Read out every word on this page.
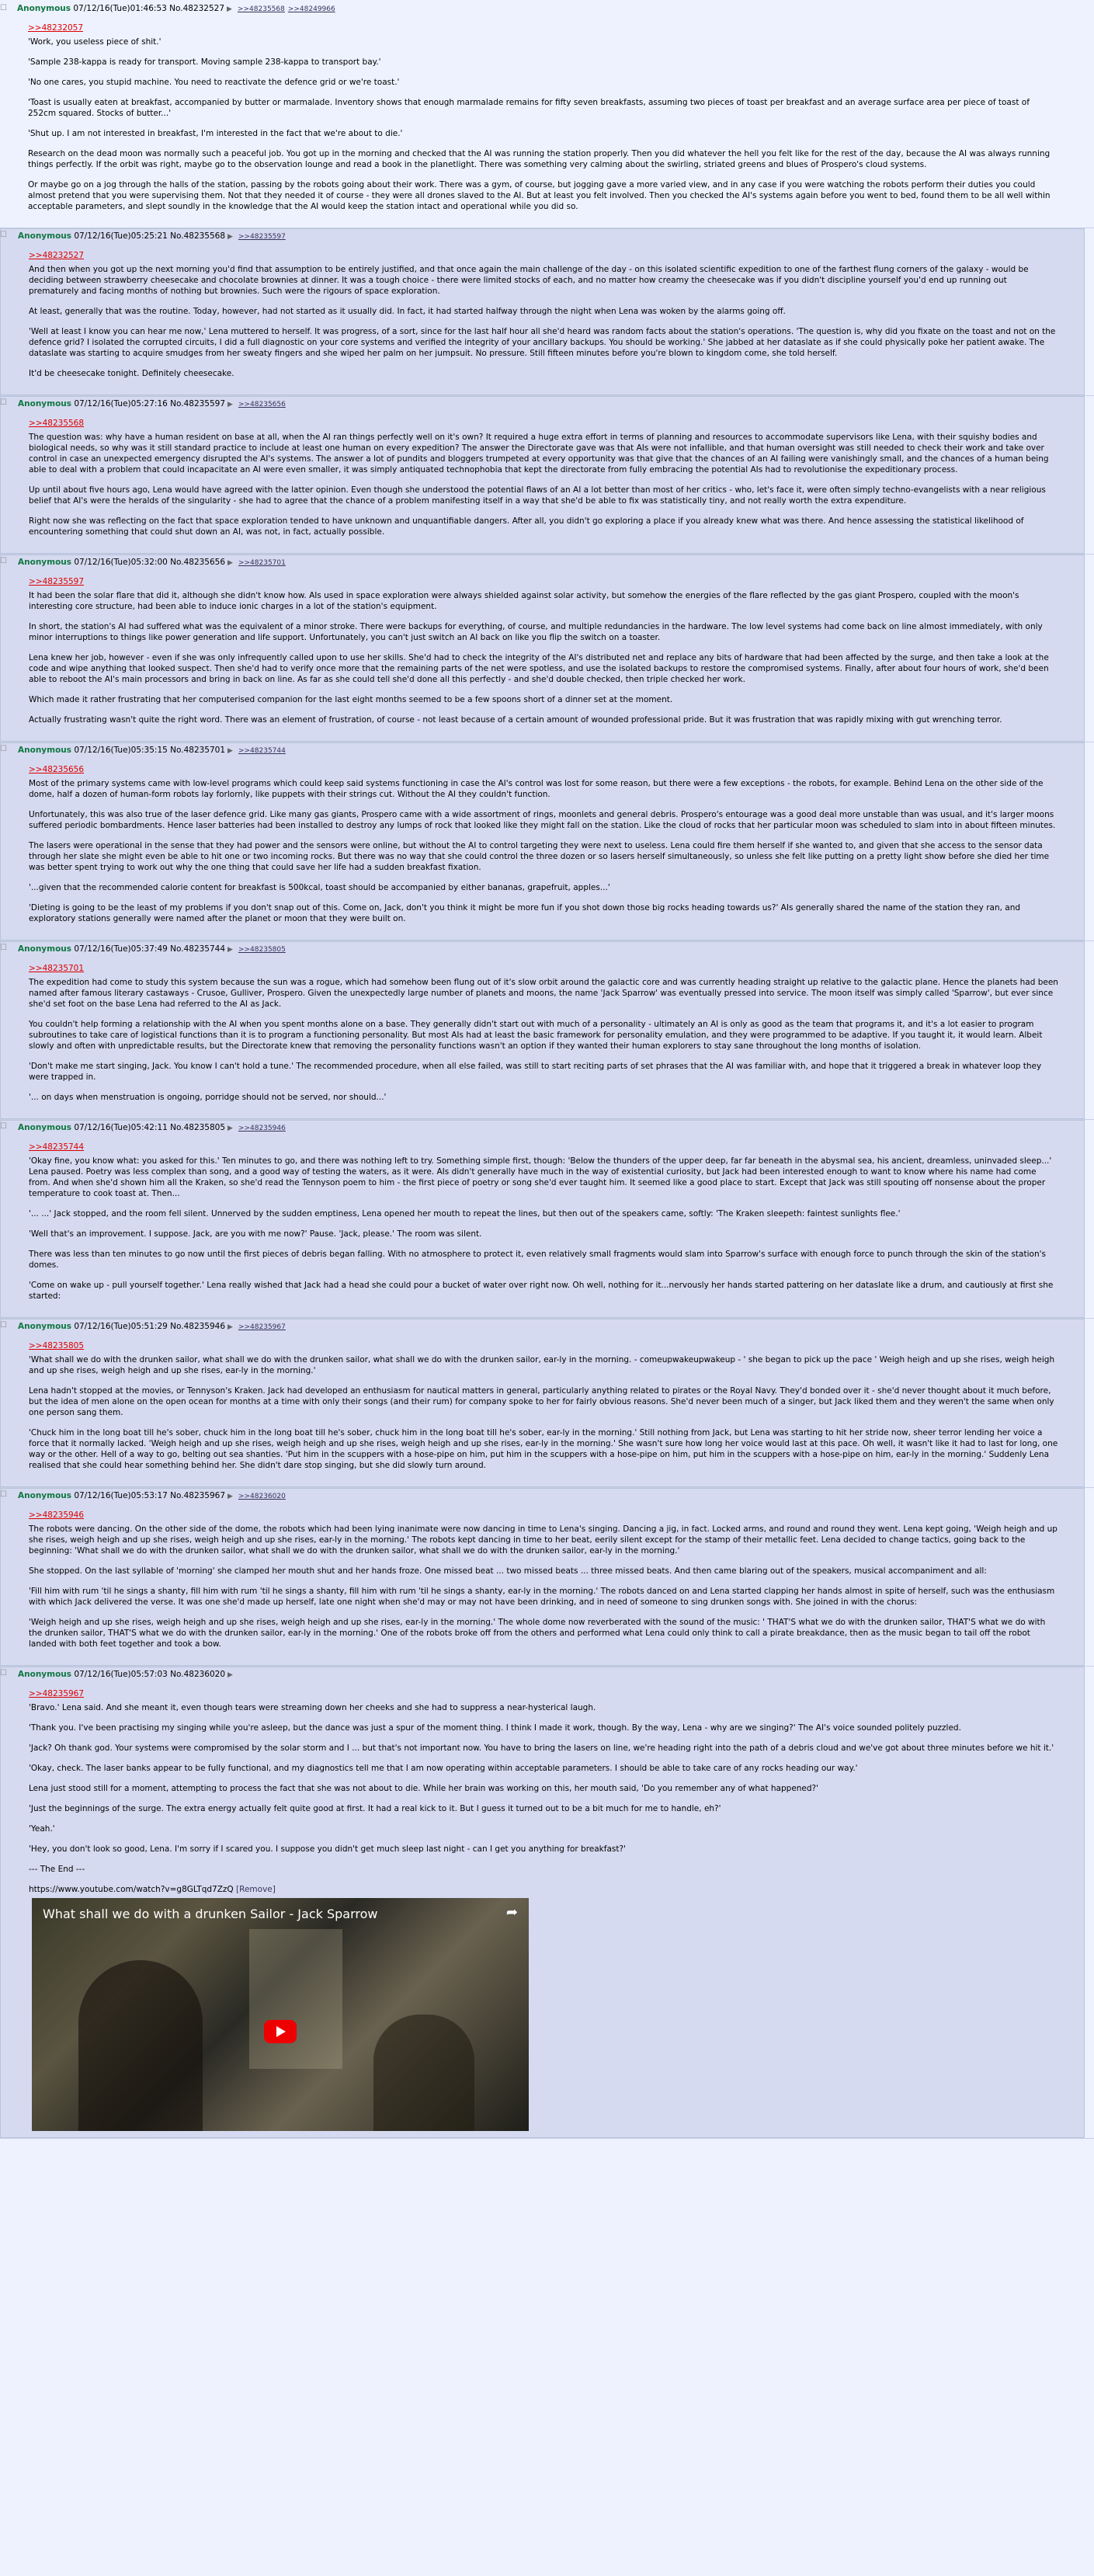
☐	Anonymous 07/12/16(Tue)01:46:53 No.48232527 ▶ >>48235568 >>48249966
>>48232057

'Work, you useless piece of shit.'

'Sample 238-kappa is ready for transport. Moving sample 238-kappa to transport bay.'

'No one cares, you stupid machine. You need to reactivate the defence grid or we're toast.'

'Toast is usually eaten at breakfast, accompanied by butter or marmalade. Inventory shows that enough marmalade remains for fifty seven breakfasts, assuming two pieces of toast per breakfast and an average surface area per piece of toast of 252cm squared. Stocks of butter...'

'Shut up. I am not interested in breakfast, I'm interested in the fact that we're about to die.'

Research on the dead moon was normally such a peaceful job. You got up in the morning and checked that the AI was running the station properly. Then you did whatever the hell you felt like for the rest of the day, because the AI was always running things perfectly. If the orbit was right, maybe go to the observation lounge and read a book in the planetlight. There was something very calming about the swirling, striated greens and blues of Prospero's cloud systems.

Or maybe go on a jog through the halls of the station, passing by the robots going about their work. There was a gym, of course, but jogging gave a more varied view, and in any case if you were watching the robots perform their duties you could almost pretend that you were supervising them. Not that they needed it of course - they were all drones slaved to the AI. But at least you felt involved. Then you checked the AI's systems again before you went to bed, found them to be all well within acceptable parameters, and slept soundly in the knowledge that the AI would keep the station intact and operational while you did so.

☐	Anonymous 07/12/16(Tue)05:25:21 No.48235568 ▶ >>48235597
>>48232527

And then when you got up the next morning you'd find that assumption to be entirely justified, and that once again the main challenge of the day - on this isolated scientific expedition to one of the farthest flung corners of the galaxy - would be deciding between strawberry cheesecake and chocolate brownies at dinner. It was a tough choice - there were limited stocks of each, and no matter how creamy the cheesecake was if you didn't discipline yourself you'd end up running out prematurely and facing months of nothing but brownies. Such were the rigours of space exploration.

At least, generally that was the routine. Today, however, had not started as it usually did. In fact, it had started halfway through the night when Lena was woken by the alarms going off.

'Well at least I know you can hear me now,' Lena muttered to herself. It was progress, of a sort, since for the last half hour all she'd heard was random facts about the station's operations. 'The question is, why did you fixate on the toast and not on the defence grid? I isolated the corrupted circuits, I did a full diagnostic on your core systems and verified the integrity of your ancillary backups. You should be working.' She jabbed at her dataslate as if she could physically poke her patient awake. The dataslate was starting to acquire smudges from her sweaty fingers and she wiped her palm on her jumpsuit. No pressure. Still fifteen minutes before you're blown to kingdom come, she told herself.

It'd be cheesecake tonight. Definitely cheesecake.

☐	Anonymous 07/12/16(Tue)05:27:16 No.48235597 ▶ >>48235656
>>48235568

The question was: why have a human resident on base at all, when the AI ran things perfectly well on it's own? It required a huge extra effort in terms of planning and resources to accommodate supervisors like Lena, with their squishy bodies and biological needs, so why was it still standard practice to include at least one human on every expedition? The answer the Directorate gave was that AIs were not infallible, and that human oversight was still needed to check their work and take over control in case an unexpected emergency disrupted the AI's systems. The answer a lot of pundits and bloggers trumpeted at every opportunity was that give that the chances of an AI failing were vanishingly small, and the chances of a human being able to deal with a problem that could incapacitate an AI were even smaller, it was simply antiquated technophobia that kept the directorate from fully embracing the potential AIs had to revolutionise the expeditionary process.

Up until about five hours ago, Lena would have agreed with the latter opinion. Even though she understood the potential flaws of an AI a lot better than most of her critics - who, let's face it, were often simply techno-evangelists with a near religious belief that AI's were the heralds of the singularity - she had to agree that the chance of a problem manifesting itself in a way that she'd be able to fix was statistically tiny, and not really worth the extra expenditure.

Right now she was reflecting on the fact that space exploration tended to have unknown and unquantifiable dangers. After all, you didn't go exploring a place if you already knew what was there. And hence assessing the statistical likelihood of encountering something that could shut down an AI, was not, in fact, actually possible.

☐	Anonymous 07/12/16(Tue)05:32:00 No.48235656 ▶ >>48235701
>>48235597

It had been the solar flare that did it, although she didn't know how. AIs used in space exploration were always shielded against solar activity, but somehow the energies of the flare reflected by the gas giant Prospero, coupled with the moon's interesting core structure, had been able to induce ionic charges in a lot of the station's equipment.

In short, the station's AI had suffered what was the equivalent of a minor stroke. There were backups for everything, of course, and multiple redundancies in the hardware. The low level systems had come back on line almost immediately, with only minor interruptions to things like power generation and life support. Unfortunately, you can't just switch an AI back on like you flip the switch on a toaster.

Lena knew her job, however - even if she was only infrequently called upon to use her skills. She'd had to check the integrity of the AI's distributed net and replace any bits of hardware that had been affected by the surge, and then take a look at the code and wipe anything that looked suspect. Then she'd had to verify once more that the remaining parts of the net were spotless, and use the isolated backups to restore the compromised systems. Finally, after about four hours of work, she'd been able to reboot the AI's main processors and bring in back on line. As far as she could tell she'd done all this perfectly - and she'd double checked, then triple checked her work.

Which made it rather frustrating that her computerised companion for the last eight months seemed to be a few spoons short of a dinner set at the moment.

Actually frustrating wasn't quite the right word. There was an element of frustration, of course - not least because of a certain amount of wounded professional pride. But it was frustration that was rapidly mixing with gut wrenching terror.

☐	Anonymous 07/12/16(Tue)05:35:15 No.48235701 ▶ >>48235744
>>48235656

Most of the primary systems came with low-level programs which could keep said systems functioning in case the AI's control was lost for some reason, but there were a few exceptions - the robots, for example. Behind Lena on the other side of the dome, half a dozen of human-form robots lay forlornly, like puppets with their strings cut. Without the AI they couldn't function.

Unfortunately, this was also true of the laser defence grid. Like many gas giants, Prospero came with a wide assortment of rings, moonlets and general debris. Prospero's entourage was a good deal more unstable than was usual, and it's larger moons suffered periodic bombardments. Hence laser batteries had been installed to destroy any lumps of rock that looked like they might fall on the station. Like the cloud of rocks that her particular moon was scheduled to slam into in about fifteen minutes.

The lasers were operational in the sense that they had power and the sensors were online, but without the AI to control targeting they were next to useless. Lena could fire them herself if she wanted to, and given that she access to the sensor data through her slate she might even be able to hit one or two incoming rocks. But there was no way that she could control the three dozen or so lasers herself simultaneously, so unless she felt like putting on a pretty light show before she died her time was better spent trying to work out why the one thing that could save her life had a sudden breakfast fixation.

'...given that the recommended calorie content for breakfast is 500kcal, toast should be accompanied by either bananas, grapefruit, apples...'

'Dieting is going to be the least of my problems if you don't snap out of this. Come on, Jack, don't you think it might be more fun if you shot down those big rocks heading towards us?' AIs generally shared the name of the station they ran, and exploratory stations generally were named after the planet or moon that they were built on.

☐	Anonymous 07/12/16(Tue)05:37:49 No.48235744 ▶ >>48235805
>>48235701

The expedition had come to study this system because the sun was a rogue, which had somehow been flung out of it's slow orbit around the galactic core and was currently heading straight up relative to the galactic plane. Hence the planets had been named after famous literary castaways - Crusoe, Gulliver, Prospero. Given the unexpectedly large number of planets and moons, the name 'Jack Sparrow' was eventually pressed into service. The moon itself was simply called 'Sparrow', but ever since she'd set foot on the base Lena had referred to the AI as Jack.

You couldn't help forming a relationship with the AI when you spent months alone on a base. They generally didn't start out with much of a personality - ultimately an AI is only as good as the team that programs it, and it's a lot easier to program subroutines to take care of logistical functions than it is to program a functioning personality. But most AIs had at least the basic framework for personality emulation, and they were programmed to be adaptive. If you taught it, it would learn. Albeit slowly and often with unpredictable results, but the Directorate knew that removing the personality functions wasn't an option if they wanted their human explorers to stay sane throughout the long months of isolation.

'Don't make me start singing, Jack. You know I can't hold a tune.' The recommended procedure, when all else failed, was still to start reciting parts of set phrases that the AI was familiar with, and hope that it triggered a break in whatever loop they were trapped in.

'... on days when menstruation is ongoing, porridge should not be served, nor should...'

☐	Anonymous 07/12/16(Tue)05:42:11 No.48235805 ▶ >>48235946
>>48235744

'Okay fine, you know what: you asked for this.' Ten minutes to go, and there was nothing left to try. Something simple first, though: 'Below the thunders of the upper deep, far far beneath in the abysmal sea, his ancient, dreamless, uninvaded sleep...' Lena paused. Poetry was less complex than song, and a good way of testing the waters, as it were. AIs didn't generally have much in the way of existential curiosity, but Jack had been interested enough to want to know where his name had come from. And when she'd shown him all the Kraken, so she'd read the Tennyson poem to him - the first piece of poetry or song she'd ever taught him. It seemed like a good place to start. Except that Jack was still spouting off nonsense about the proper temperature to cook toast at. Then...

'... ...' Jack stopped, and the room fell silent. Unnerved by the sudden emptiness, Lena opened her mouth to repeat the lines, but then out of the speakers came, softly: 'The Kraken sleepeth: faintest sunlights flee.'

'Well that's an improvement. I suppose. Jack, are you with me now?' Pause. 'Jack, please.' The room was silent.

There was less than ten minutes to go now until the first pieces of debris began falling. With no atmosphere to protect it, even relatively small fragments would slam into Sparrow's surface with enough force to punch through the skin of the station's domes.

'Come on wake up - pull yourself together.' Lena really wished that Jack had a head she could pour a bucket of water over right now. Oh well, nothing for it...nervously her hands started pattering on her dataslate like a drum, and cautiously at first she started:

☐	Anonymous 07/12/16(Tue)05:51:29 No.48235946 ▶ >>48235967
>>48235805

'What shall we do with the drunken sailor, what shall we do with the drunken sailor, what shall we do with the drunken sailor, ear-ly in the morning. - comeupwakeupwakeup - ' she began to pick up the pace ' Weigh heigh and up she rises, weigh heigh and up she rises, weigh heigh and up she rises, ear-ly in the morning.'

Lena hadn't stopped at the movies, or Tennyson's Kraken. Jack had developed an enthusiasm for nautical matters in general, particularly anything related to pirates or the Royal Navy. They'd bonded over it - she'd never thought about it much before, but the idea of men alone on the open ocean for months at a time with only their songs (and their rum) for company spoke to her for fairly obvious reasons. She'd never been much of a singer, but Jack liked them and they weren't the same when only one person sang them.

'Chuck him in the long boat till he's sober, chuck him in the long boat till he's sober, chuck him in the long boat till he's sober, ear-ly in the morning.' Still nothing from Jack, but Lena was starting to hit her stride now, sheer terror lending her voice a force that it normally lacked. 'Weigh heigh and up she rises, weigh heigh and up she rises, weigh heigh and up she rises, ear-ly in the morning.' She wasn't sure how long her voice would last at this pace. Oh well, it wasn't like it had to last for long, one way or the other. Hell of a way to go, belting out sea shanties. 'Put him in the scuppers with a hose-pipe on him, put him in the scuppers with a hose-pipe on him, put him in the scuppers with a hose-pipe on him, ear-ly in the morning.' Suddenly Lena realised that she could hear something behind her. She didn't dare stop singing, but she did slowly turn around.

☐	Anonymous 07/12/16(Tue)05:53:17 No.48235967 ▶ >>48236020
>>48235946

The robots were dancing. On the other side of the dome, the robots which had been lying inanimate were now dancing in time to Lena's singing. Dancing a jig, in fact. Locked arms, and round and round they went. Lena kept going, 'Weigh heigh and up she rises, weigh heigh and up she rises, weigh heigh and up she rises, ear-ly in the morning.' The robots kept dancing in time to her beat, eerily silent except for the stamp of their metallic feet. Lena decided to change tactics, going back to the beginning: 'What shall we do with the drunken sailor, what shall we do with the drunken sailor, what shall we do with the drunken sailor, ear-ly in the morning.'

She stopped. On the last syllable of 'morning' she clamped her mouth shut and her hands froze. One missed beat ... two missed beats ... three missed beats. And then came blaring out of the speakers, musical accompaniment and all:

'Fill him with rum 'til he sings a shanty, fill him with rum 'til he sings a shanty, fill him with rum 'til he sings a shanty, ear-ly in the morning.' The robots danced on and Lena started clapping her hands almost in spite of herself, such was the enthusiasm with which Jack delivered the verse. It was one she'd made up herself, late one night when she'd may or may not have been drinking, and in need of someone to sing drunken songs with. She joined in with the chorus:

'Weigh heigh and up she rises, weigh heigh and up she rises, weigh heigh and up she rises, ear-ly in the morning.' The whole dome now reverberated with the sound of the music: ' THAT'S what we do with the drunken sailor, THAT'S what we do with the drunken sailor, THAT'S what we do with the drunken sailor, ear-ly in the morning.' One of the robots broke off from the others and performed what Lena could only think to call a pirate breakdance, then as the music began to tail off the robot landed with both feet together and took a bow.

☐	Anonymous 07/12/16(Tue)05:57:03 No.48236020 ▶
>>48235967

'Bravo.' Lena said. And she meant it, even though tears were streaming down her cheeks and she had to suppress a near-hysterical laugh.

'Thank you. I've been practising my singing while you're asleep, but the dance was just a spur of the moment thing. I think I made it work, though. By the way, Lena - why are we singing?' The AI's voice sounded politely puzzled.

'Jack? Oh thank god. Your systems were compromised by the solar storm and I ... but that's not important now. You have to bring the lasers on line, we're heading right into the path of a debris cloud and we've got about three minutes before we hit it.'

'Okay, check. The laser banks appear to be fully functional, and my diagnostics tell me that I am now operating within acceptable parameters. I should be able to take care of any rocks heading our way.'

Lena just stood still for a moment, attempting to process the fact that she was not about to die. While her brain was working on this, her mouth said, 'Do you remember any of what happened?'

'Just the beginnings of the surge. The extra energy actually felt quite good at first. It had a real kick to it. But I guess it turned out to be a bit much for me to handle, eh?'

'Yeah.'

'Hey, you don't look so good, Lena. I'm sorry if I scared you. I suppose you didn't get much sleep last night - can I get you anything for breakfast?'

--- The End ---

https://www.youtube.com/watch?v=g8GLTqd7ZzQ [Remove]
What shall we do with a drunken Sailor - Jack Sparrow	➦
